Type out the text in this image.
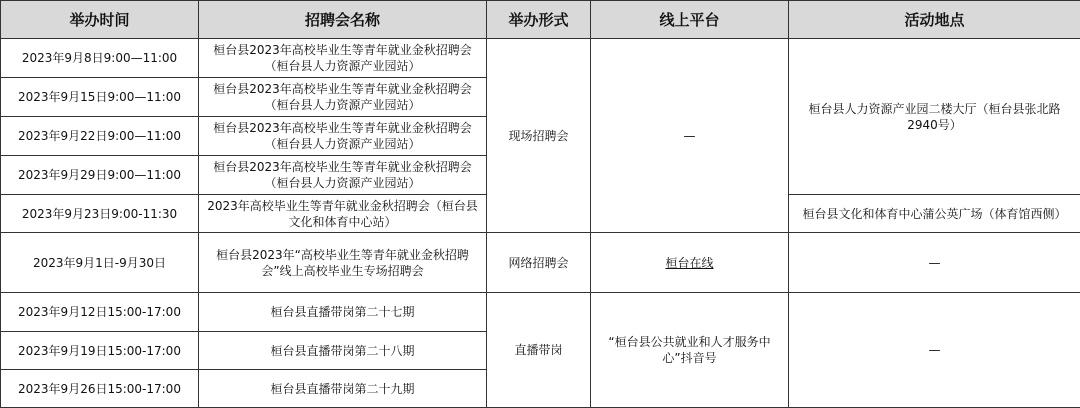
举办时间	招聘会名称	举办形式	线上平台	活动地点
2023年9月8日9:00—11:00	桓台县2023年高校毕业生等青年就业金秋招聘会（桓台县人力资源产业园站）	现场招聘会	—	桓台县人力资源产业园二楼大厅（桓台县张北路2940号）
2023年9月15日9:00—11:00	桓台县2023年高校毕业生等青年就业金秋招聘会（桓台县人力资源产业园站）			
2023年9月22日9:00—11:00	桓台县2023年高校毕业生等青年就业金秋招聘会（桓台县人力资源产业园站）			
2023年9月29日9:00—11:00	桓台县2023年高校毕业生等青年就业金秋招聘会（桓台县人力资源产业园站）			
2023年9月23日9:00-11:30	2023年高校毕业生等青年就业金秋招聘会（桓台县文化和体育中心站）			桓台县文化和体育中心蒲公英广场（体育馆西侧）
2023年9月1日-9月30日	桓台县2023年“高校毕业生等青年就业金秋招聘会”线上高校毕业生专场招聘会	网络招聘会	桓台在线	—
2023年9月12日15:00-17:00	桓台县直播带岗第二十七期	直播带岗	“桓台县公共就业和人才服务中心”抖音号	—
2023年9月19日15:00-17:00	桓台县直播带岗第二十八期			
2023年9月26日15:00-17:00	桓台县直播带岗第二十九期			
